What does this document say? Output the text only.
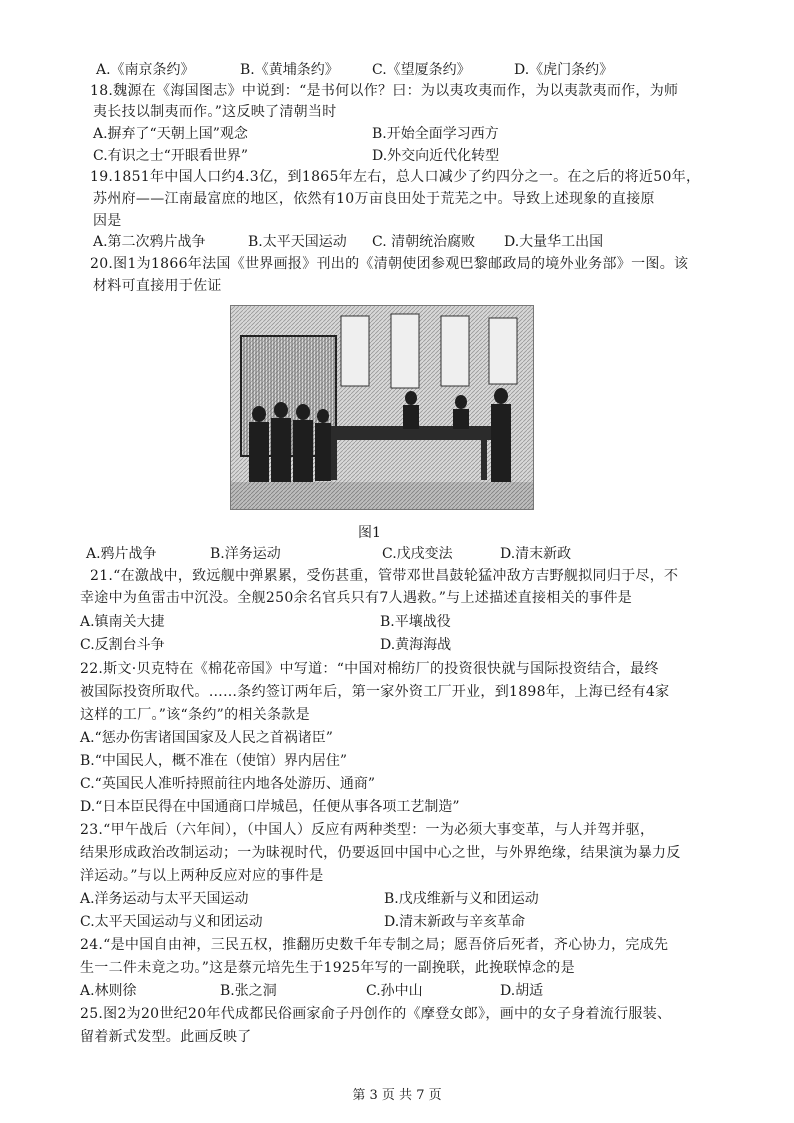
A.《南京条约》	B.《黄埔条约》 C.《望厦条约》	D.《虎门条约》
18.魏源在《海国图志》中说到：“是书何以作？曰：为以夷攻夷而作，为以夷款夷而作，为师
夷长技以制夷而作。”这反映了清朝当时
A.摒弃了“天朝上国”观念	B.开始全面学习西方
C.有识之士“开眼看世界”	D.外交向近代化转型
19.1851年中国人口约4.3亿，到1865年左右，总人口减少了约四分之一。在之后的将近50年，
苏州府——江南最富庶的地区，依然有10万亩良田处于荒芜之中。导致上述现象的直接原
因是
A.第二次鸦片战争	B.太平天国运动 C. 清朝统治腐败 D.大量华工出国
20.图1为1866年法国《世界画报》刊出的《清朝使团参观巴黎邮政局的境外业务部》一图。该
材料可直接用于佐证
图1
A.鸦片战争	B.洋务运动	C.戊戌变法	D.清末新政
21.“在激战中，致远舰中弹累累，受伤甚重，管带邓世昌鼓轮猛冲敌方吉野舰拟同归于尽，不
幸途中为鱼雷击中沉没。全舰250余名官兵只有7人遇救。”与上述描述直接相关的事件是
A.镇南关大捷	B.平壤战役
C.反割台斗争	D.黄海海战
22.斯文·贝克特在《棉花帝国》中写道：“中国对棉纺厂的投资很快就与国际投资结合，最终
被国际投资所取代。……条约签订两年后，第一家外资工厂开业，到1898年，上海已经有4家
这样的工厂。”该“条约”的相关条款是
A.“惩办伤害诸国国家及人民之首祸诸臣”
B.“中国民人，概不准在（使馆）界内居住”
C.“英国民人准听持照前往内地各处游历、通商”
D.“日本臣民得在中国通商口岸城邑，任便从事各项工艺制造”
23.“甲午战后（六年间），（中国人）反应有两种类型：一为必须大事变革，与人并驾并驱，
结果形成政治改制运动；一为昧视时代，仍要返回中国中心之世，与外界绝缘，结果演为暴力反
洋运动。”与以上两种反应对应的事件是
A.洋务运动与太平天国运动	B.戊戌维新与义和团运动
C.太平天国运动与义和团运动	D.清末新政与辛亥革命
24.“是中国自由神，三民五权，推翻历史数千年专制之局；愿吾侪后死者，齐心协力，完成先
生一二件未竟之功。”这是蔡元培先生于1925年写的一副挽联，此挽联悼念的是
A.林则徐	B.张之洞	C.孙中山	D.胡适
25.图2为20世纪20年代成都民俗画家俞子丹创作的《摩登女郎》，画中的女子身着流行服装、
留着新式发型。此画反映了
第 3 页 共 7 页
